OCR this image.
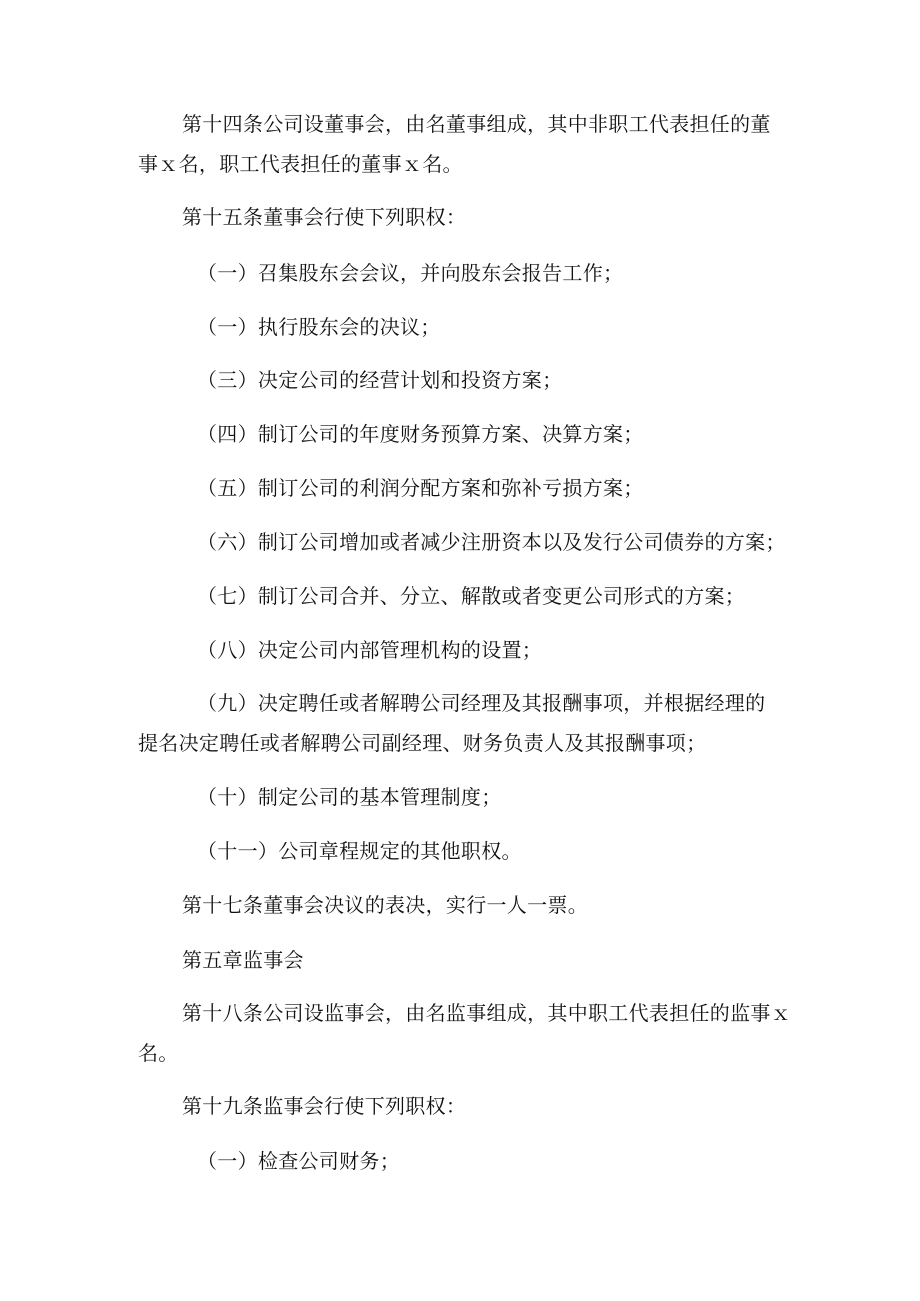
第十四条公司设董事会，由名董事组成，其中非职工代表担任的董
事ｘ名，职工代表担任的董事ｘ名。
第十五条董事会行使下列职权：
（一）召集股东会会议，并向股东会报告工作；
（一）执行股东会的决议；
（三）决定公司的经营计划和投资方案；
（四）制订公司的年度财务预算方案、决算方案；
（五）制订公司的利润分配方案和弥补亏损方案；
（六）制订公司增加或者减少注册资本以及发行公司债券的方案；
（七）制订公司合并、分立、解散或者变更公司形式的方案；
（八）决定公司内部管理机构的设置；
（九）决定聘任或者解聘公司经理及其报酬事项，并根据经理的
提名决定聘任或者解聘公司副经理、财务负责人及其报酬事项；
（十）制定公司的基本管理制度；
（十一）公司章程规定的其他职权。
第十七条董事会决议的表决，实行一人一票。
第五章监事会
第十八条公司设监事会，由名监事组成，其中职工代表担任的监事ｘ
名。
第十九条监事会行使下列职权：
（一）检查公司财务；
